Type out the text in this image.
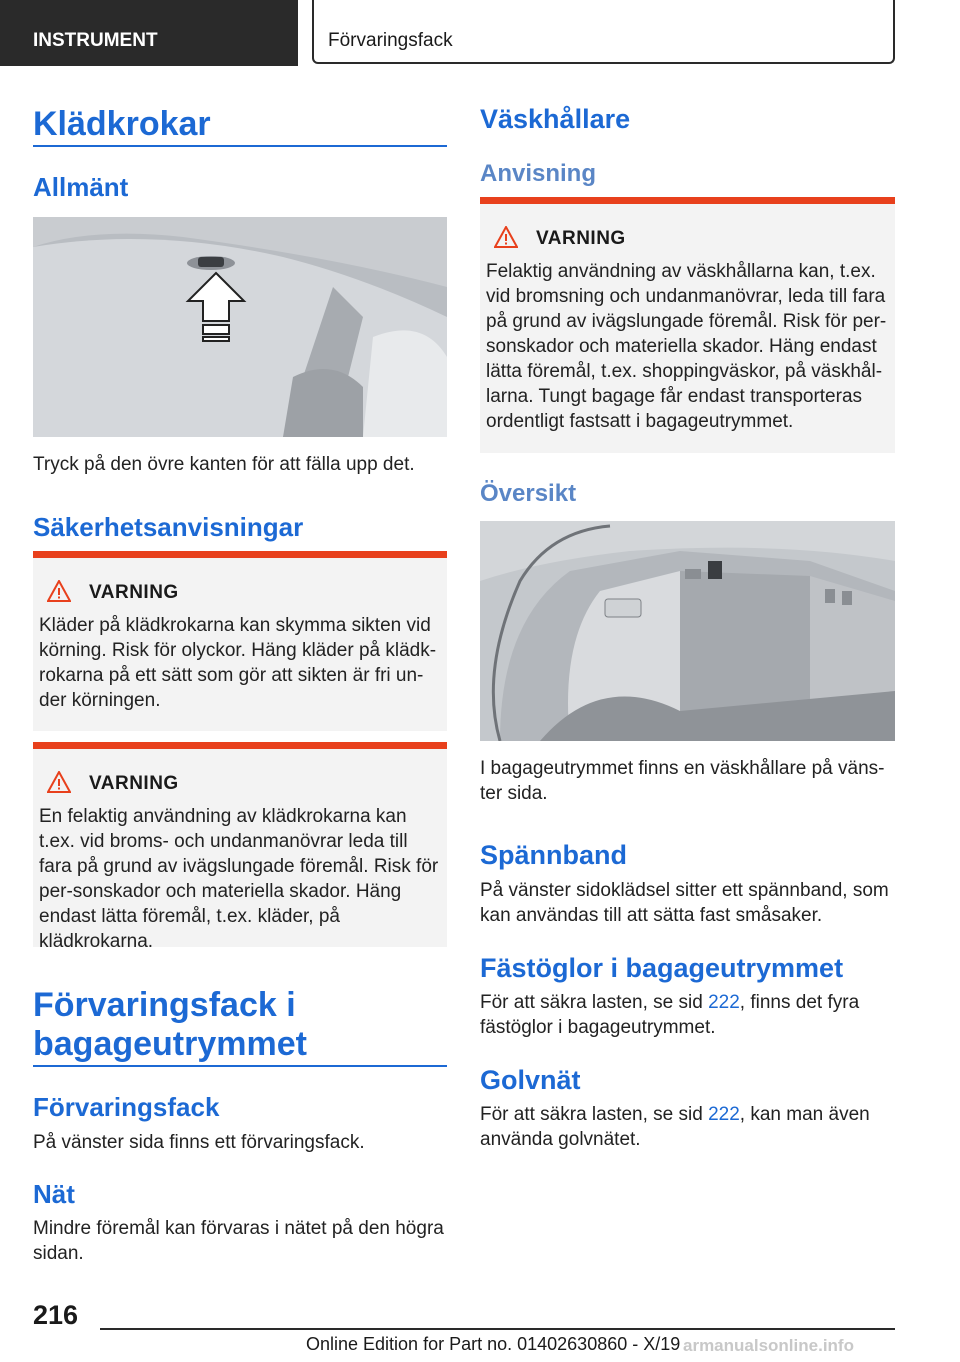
INSTRUMENT	Förvaringsfack
Klädkrokar
Allmänt
Tryck på den övre kanten för att fälla upp det.
Säkerhetsanvisningar
VARNING
Kläder på klädkrokarna kan skymma sikten vid körning. Risk för olyckor. Häng kläder på klädk-rokarna på ett sätt som gör att sikten är fri un-der körningen.
VARNING
En felaktig användning av klädkrokarna kan t.ex. vid broms- och undanmanövrar leda till fara på grund av ivägslungade föremål. Risk för per-sonskador och materiella skador. Häng endast lätta föremål, t.ex. kläder, på klädkrokarna.
Förvaringsfack i
bagageutrymmet
Förvaringsfack
På vänster sida finns ett förvaringsfack.
Nät
Mindre föremål kan förvaras i nätet på den högra sidan.
Väskhållare
Anvisning
VARNING
Felaktig användning av väskhållarna kan, t.ex. vid bromsning och undanmanövrar, leda till fara på grund av ivägslungade föremål. Risk för per-sonskador och materiella skador. Häng endast lätta föremål, t.ex. shoppingväskor, på väskhål-larna. Tungt bagage får endast transporteras ordentligt fastsatt i bagageutrymmet.
Översikt
I bagageutrymmet finns en väskhållare på väns-ter sida.
Spännband
På vänster sidoklädsel sitter ett spännband, som kan användas till att sätta fast småsaker.
Fästöglor i bagageutrymmet
För att säkra lasten, se sid 222, finns det fyra fästöglor i bagageutrymmet.
Golvnät
För att säkra lasten, se sid 222, kan man även använda golvnätet.
216
Online Edition for Part no. 01402630860 - X/19 armanualsonline.info
